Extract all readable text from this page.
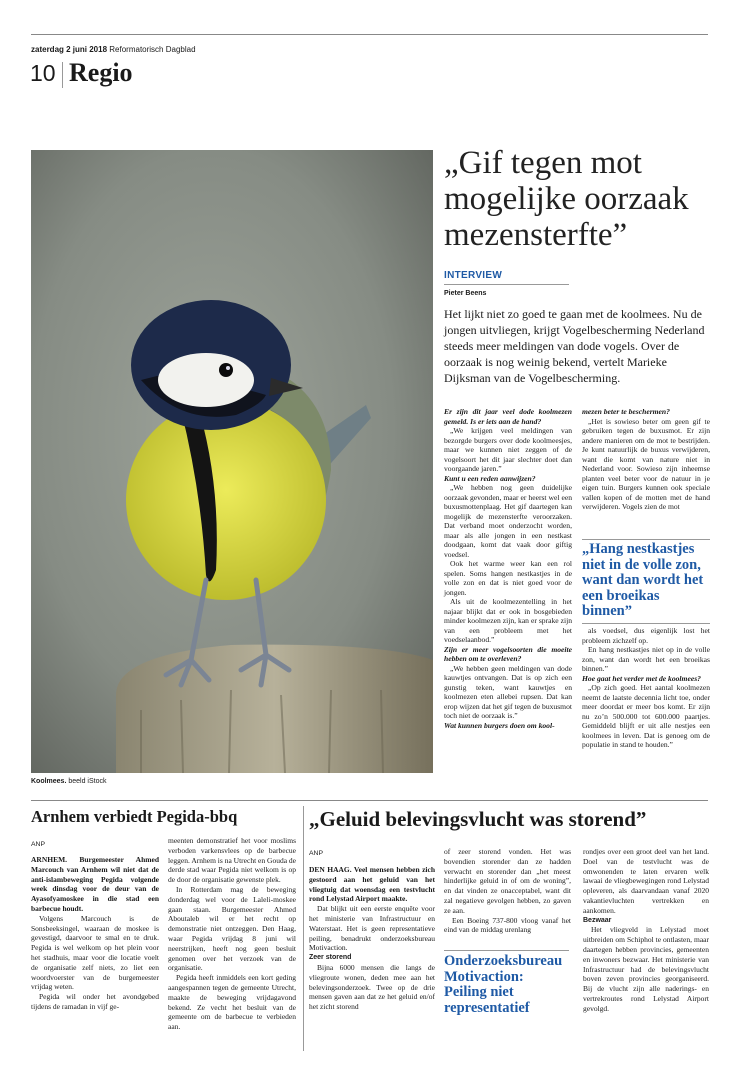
zaterdag 2 juni 2018 Reformatorisch Dagblad
10 Regio
Koolmees. beeld iStock
„Gif tegen mot mogelijke oorzaak mezensterfte”
INTERVIEW
Pieter Beens
Het lijkt niet zo goed te gaan met de koolmees. Nu de jongen uitvliegen, krijgt Vogelbescherming Nederland steeds meer meldingen van dode vogels. Over de oorzaak is nog weinig bekend, vertelt Marieke Dijksman van de Vogelbescherming.

Er zijn dit jaar veel dode koolmezen gemeld. Is er iets aan de hand?

„We krijgen veel meldingen van bezorgde burgers over dode koolmeesjes, maar we kunnen niet zeggen of de vogelsoort het dit jaar slechter doet dan voorgaande jaren.”

Kunt u een reden aanwijzen?

„We hebben nog geen duidelijke oorzaak gevonden, maar er heerst wel een buxusmottenplaag. Het gif daartegen kan mogelijk de mezensterfte veroorzaken. Dat verband moet onderzocht worden, maar als alle jongen in een nestkast doodgaan, komt dat vaak door giftig voedsel.

Ook het warme weer kan een rol spelen. Soms hangen nestkastjes in de volle zon en dat is niet goed voor de jongen.

Als uit de koolmezentelling in het najaar blijkt dat er ook in bosgebieden minder koolmezen zijn, kan er sprake zijn van een probleem met het voedselaanbod.”

Zijn er meer vogelsoorten die moeite hebben om te overleven?

„We hebben geen meldingen van dode kauwtjes ontvangen. Dat is op zich een gunstig teken, want kauwtjes en koolmezen eten allebei rupsen. Dat kan erop wijzen dat het gif tegen de buxusmot toch niet de oorzaak is.”

Wat kunnen burgers doen om kool-

mezen beter te beschermen?

„Het is sowieso beter om geen gif te gebruiken tegen de buxusmot. Er zijn andere manieren om de mot te bestrijden. Je kunt natuurlijk de buxus verwijderen, want die komt van nature niet in Nederland voor. Sowieso zijn inheemse planten veel beter voor de natuur in je eigen tuin. Burgers kunnen ook speciale vallen kopen of de motten met de hand verwijderen. Vogels zien de mot

„Hang nestkastjes niet in de volle zon, want dan wordt het een broeikas binnen”

als voedsel, dus eigenlijk lost het probleem zichzelf op.

En hang nestkastjes niet op in de volle zon, want dan wordt het een broeikas binnen.”

Hoe gaat het verder met de koolmees?

„Op zich goed. Het aantal koolmezen neemt de laatste decennia licht toe, onder meer doordat er meer bos komt. Er zijn nu zo’n 500.000 tot 600.000 paartjes. Gemiddeld blijft er uit alle nestjes een koolmees in leven. Dat is genoeg om de populatie in stand te houden.”

Arnhem verbiedt Pegida-bbq
ANP

ARNHEM. Burgemeester Ahmed Marcouch van Arnhem wil niet dat de anti-islambeweging Pegida volgende week dinsdag voor de deur van de Ayasofyamoskee in die stad een barbecue houdt.

Volgens Marcouch is de Sonsbeeksingel, waaraan de moskee is gevestigd, daarvoor te smal en te druk. Pegida is wel welkom op het plein voor het stadhuis, maar voor die locatie voelt de organisatie zelf niets, zo liet een woordvoerster van de burgemeester vrijdag weten.

Pegida wil onder het avondgebed tijdens de ramadan in vijf ge-

meenten demonstratief het voor moslims verboden varkensvlees op de barbecue leggen. Arnhem is na Utrecht en Gouda de derde stad waar Pegida niet welkom is op de door de organisatie gewenste plek.

In Rotterdam mag de beweging donderdag wel voor de Laleli-moskee gaan staan. Burgemeester Ahmed Aboutaleb wil er het recht op demonstratie niet ontzeggen. Den Haag, waar Pegida vrijdag 8 juni wil neerstrijken, heeft nog geen besluit genomen over het verzoek van de organisatie.

Pegida heeft inmiddels een kort geding aangespannen tegen de gemeente Utrecht, maakte de beweging vrijdagavond bekend. Ze vecht het besluit van de gemeente om de barbecue te verbieden aan.

„Geluid belevingsvlucht was storend”
ANP

DEN HAAG. Veel mensen hebben zich gestoord aan het geluid van het vliegtuig dat woensdag een testvlucht rond Lelystad Airport maakte.

Dat blijkt uit een eerste enquête voor het ministerie van Infrastructuur en Waterstaat. Het is geen representatieve peiling, benadrukt onderzoeksbureau Motivaction.

Zeer storend

Bijna 6000 mensen die langs de vliegroute wonen, deden mee aan het belevingsonderzoek. Twee op de drie mensen gaven aan dat ze het geluid en/of het zicht storend

of zeer storend vonden. Het was bovendien storender dan ze hadden verwacht en storender dan „het meest hinderlijke geluid in of om de woning”, en dat vinden ze onacceptabel, want dit zal negatieve gevolgen hebben, zo gaven ze aan.

Een Boeing 737-800 vloog vanaf het eind van de middag urenlang

Onderzoeksbureau Motivaction: Peiling niet representatief

rondjes over een groot deel van het land. Doel van de testvlucht was de omwonenden te laten ervaren welk lawaai de vliegbewegingen rond Lelystad opleveren, als daarvandaan vanaf 2020 vakantievluchten vertrekken en aankomen.

Bezwaar

Het vliegveld in Lelystad moet uitbreiden om Schiphol te ontlasten, maar daartegen hebben provincies, gemeenten en inwoners bezwaar. Het ministerie van Infrastructuur had de belevingsvlucht boven zeven provincies georganiseerd. Bij de vlucht zijn alle naderings- en vertrekroutes rond Lelystad Airport gevolgd.
